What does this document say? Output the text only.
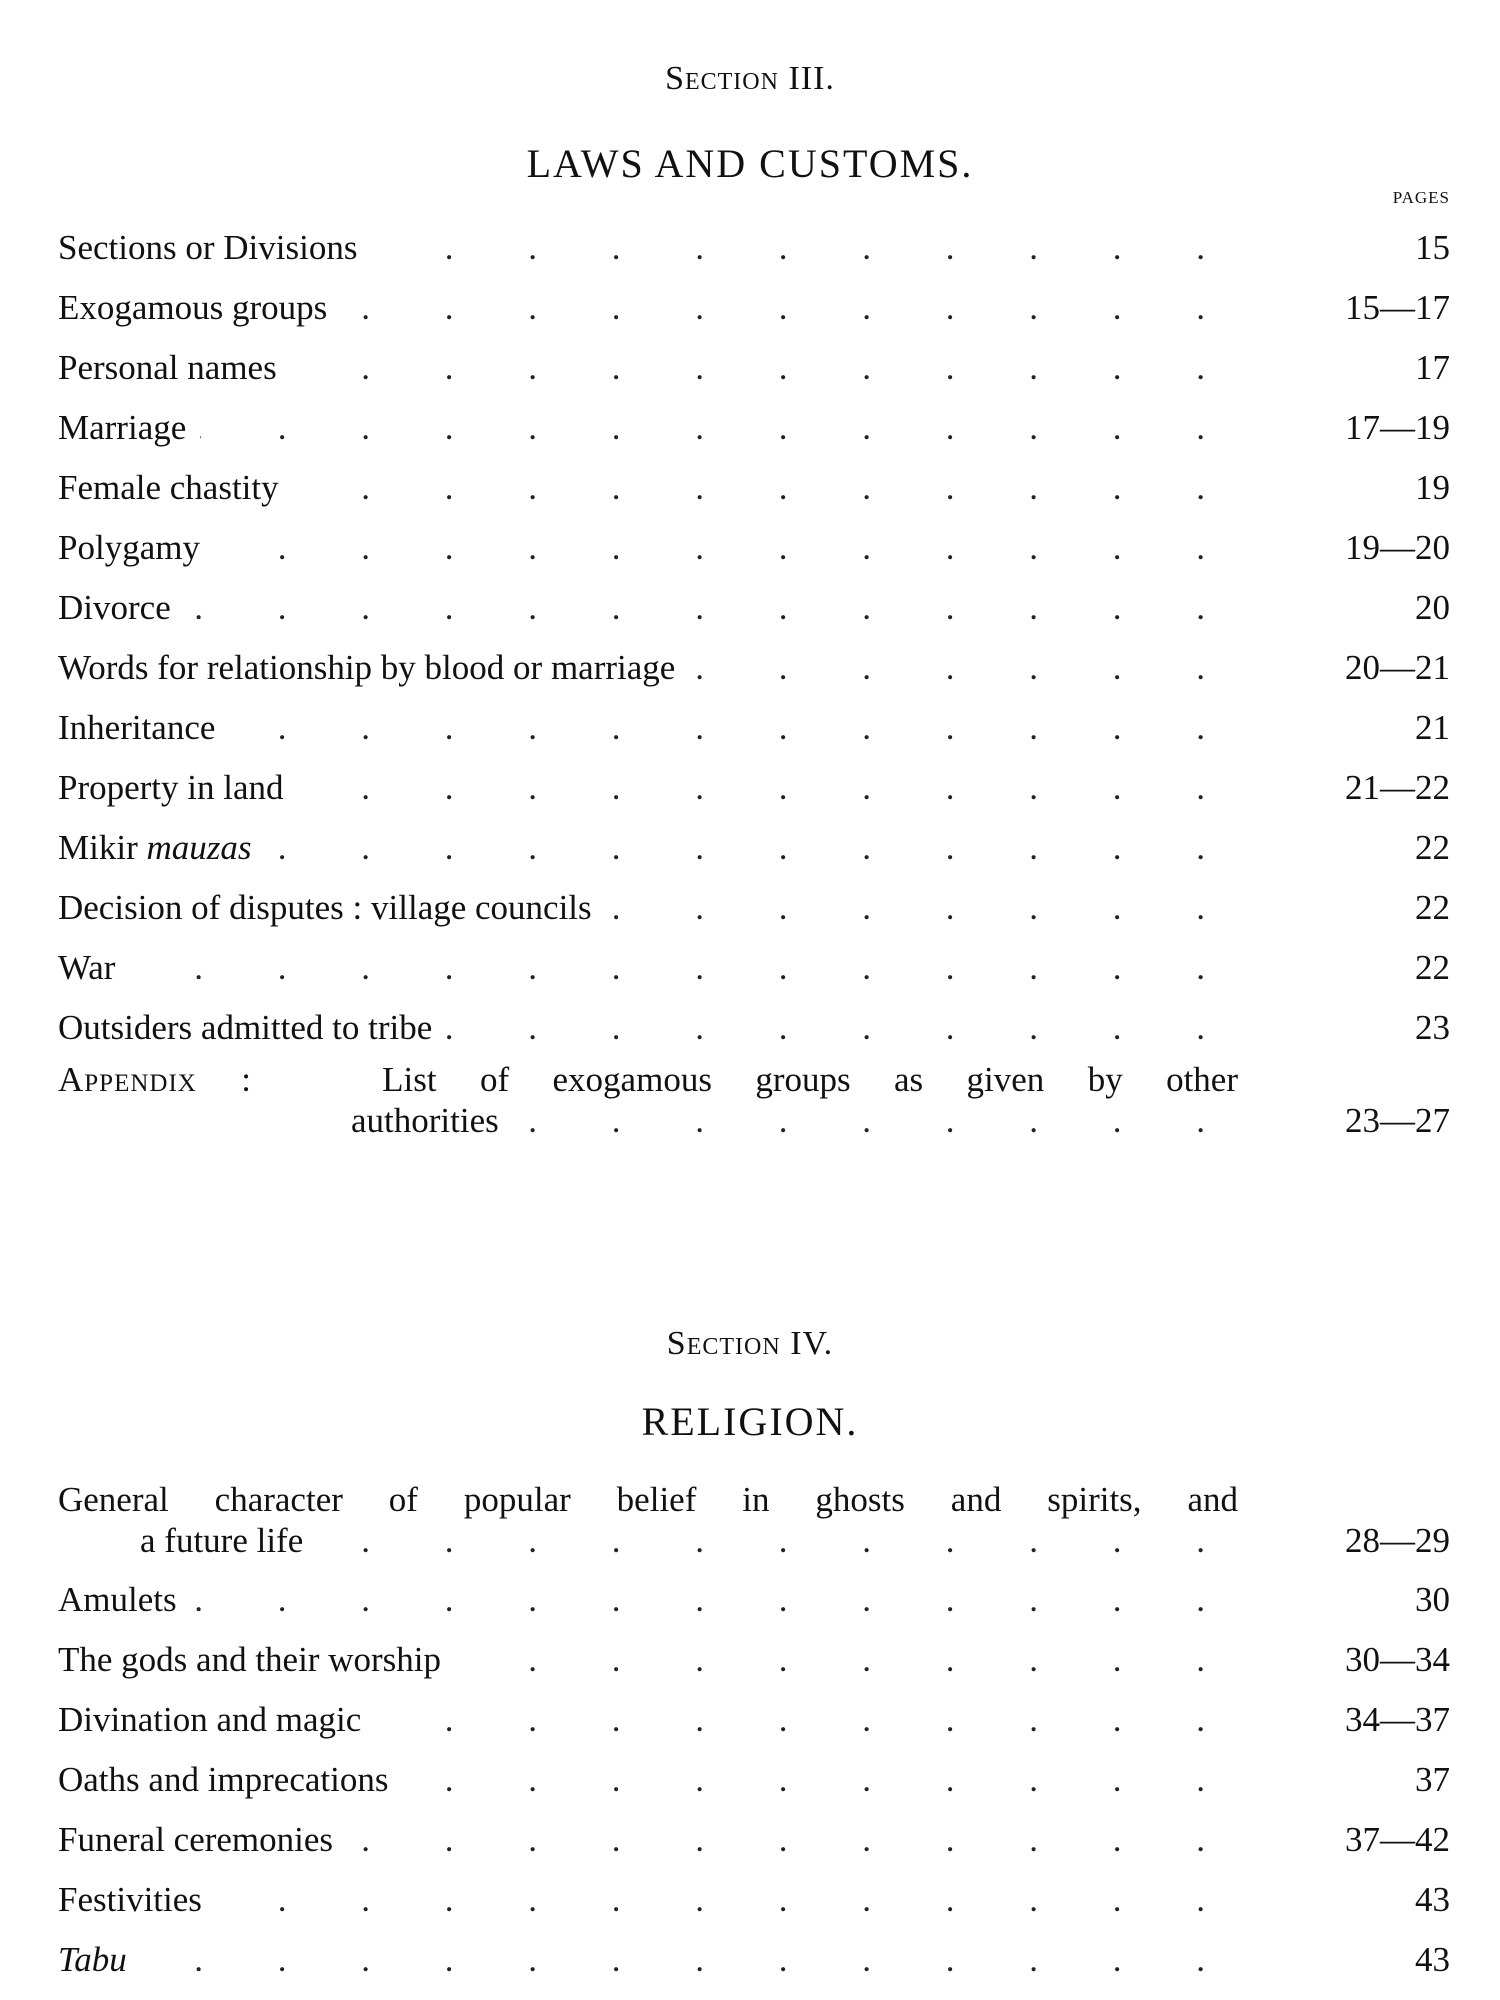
Section III.
LAWS AND CUSTOMS.
PAGES
Sections or Divisions . . .	15
Exogamous groups . . .	15—17
Personal names . . .	17
Marriage . . .	17—19
Female chastity . . .	19
Polygamy . . .	19—20
Divorce . . .	20
Words for relationship by blood or marriage . . .	20—21
Inheritance . . .	21
Property in land . . .	21—22
Mikir mauzas . . .	22
Decision of disputes : village councils . . .	22
War . . .	22
Outsiders admitted to tribe . . .	23
Appendix :	List of exogamous groups as given by other
authorities . . .	23—27
Section IV.
RELIGION.
General character of popular belief in ghosts and spirits, and
a future life . . .	28—29
Amulets . . .	30
The gods and their worship . . .	30—34
Divination and magic . . .	34—37
Oaths and imprecations . . .	37
Funeral ceremonies . . .	37—42
Festivities . . .	43
Tabu . . .	43
